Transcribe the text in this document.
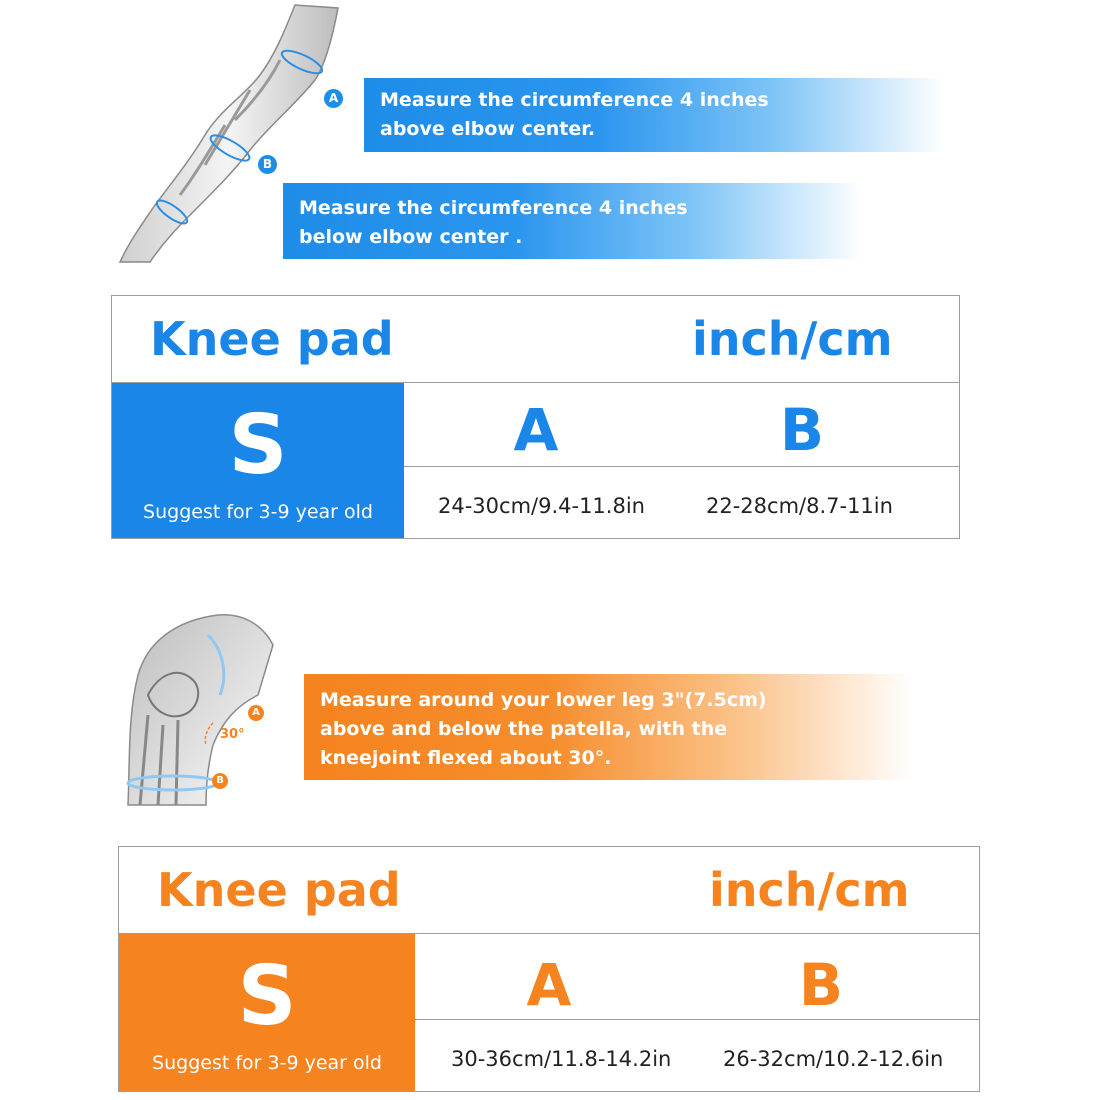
A
B
Measure the circumference 4 inches
above elbow center.
Measure the circumference 4 inches
below elbow center .
Knee pad	inch/cm
S
Suggest for 3-9 year old
A	B
24-30cm/9.4-11.8in	22-28cm/8.7-11in
A
B
30°
Measure around your lower leg 3"(7.5cm)
above and below the patella, with the
kneejoint flexed about 30°.
Knee pad	inch/cm
S
Suggest for 3-9 year old
A	B
30-36cm/11.8-14.2in 26-32cm/10.2-12.6in
